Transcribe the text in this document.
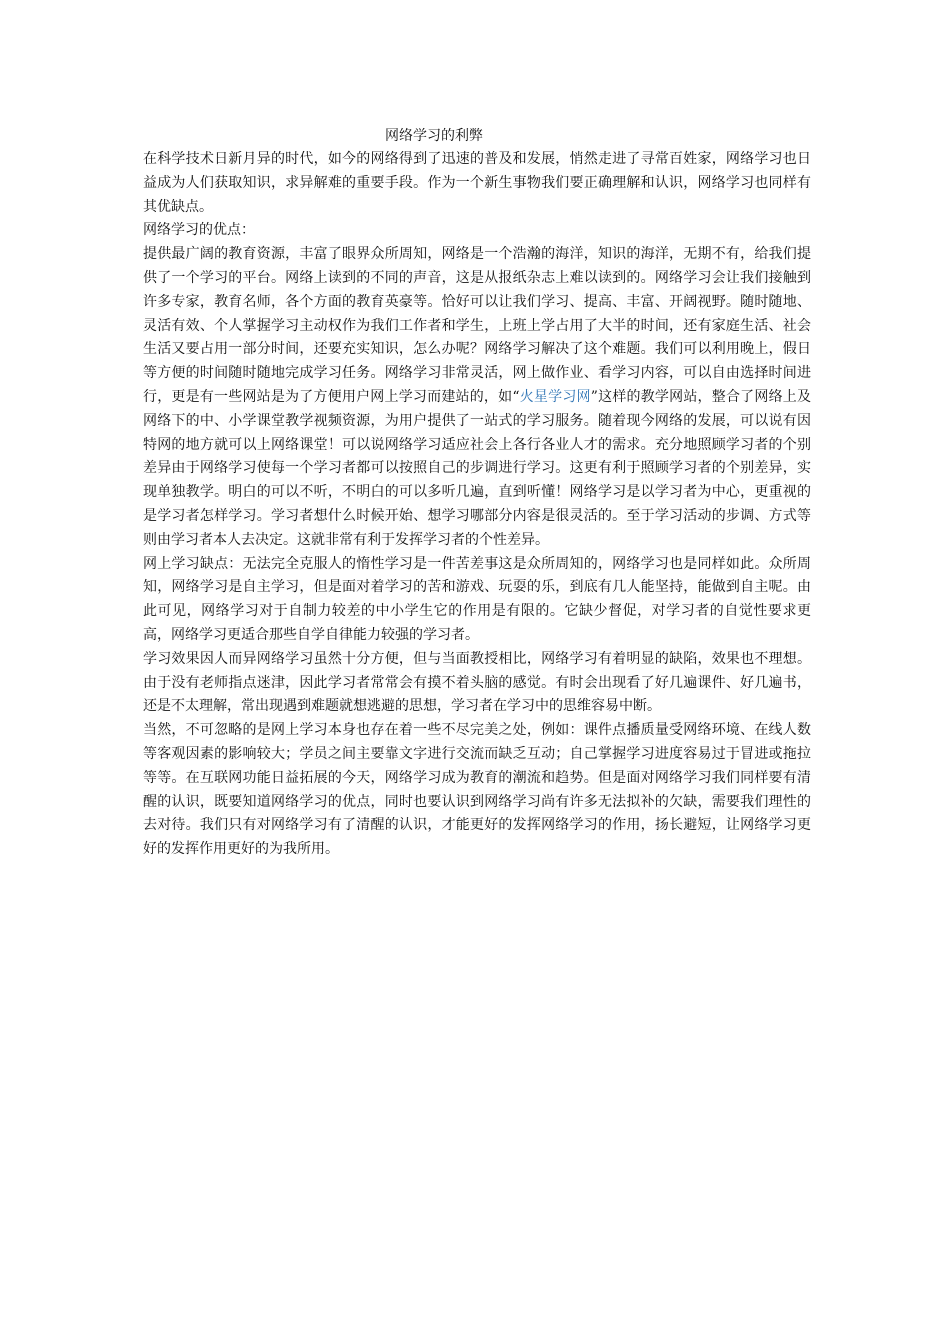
网络学习的利弊

在科学技术日新月异的时代，如今的网络得到了迅速的普及和发展，悄然走进了寻常百姓家，网络学习也日益成为人们获取知识，求异解难的重要手段。作为一个新生事物我们要正确理解和认识，网络学习也同样有其优缺点。

网络学习的优点：

提供最广阔的教育资源，丰富了眼界众所周知，网络是一个浩瀚的海洋，知识的海洋，无期不有，给我们提供了一个学习的平台。网络上读到的不同的声音，这是从报纸杂志上难以读到的。网络学习会让我们接触到许多专家，教育名师，各个方面的教育英豪等。恰好可以让我们学习、提高、丰富、开阔视野。随时随地、灵活有效、个人掌握学习主动权作为我们工作者和学生，上班上学占用了大半的时间，还有家庭生活、社会生活又要占用一部分时间，还要充实知识，怎么办呢？网络学习解决了这个难题。我们可以利用晚上，假日等方便的时间随时随地完成学习任务。网络学习非常灵活，网上做作业、看学习内容，可以自由选择时间进行，更是有一些网站是为了方便用户网上学习而建站的，如“火星学习网”这样的教学网站，整合了网络上及网络下的中、小学课堂教学视频资源，为用户提供了一站式的学习服务。随着现今网络的发展，可以说有因特网的地方就可以上网络课堂！可以说网络学习适应社会上各行各业人才的需求。充分地照顾学习者的个别差异由于网络学习使每一个学习者都可以按照自己的步调进行学习。这更有利于照顾学习者的个别差异，实现单独教学。明白的可以不听，不明白的可以多听几遍，直到听懂！网络学习是以学习者为中心，更重视的是学习者怎样学习。学习者想什么时候开始、想学习哪部分内容是很灵活的。至于学习活动的步调、方式等则由学习者本人去决定。这就非常有利于发挥学习者的个性差异。

网上学习缺点：无法完全克服人的惰性学习是一件苦差事这是众所周知的，网络学习也是同样如此。众所周知，网络学习是自主学习，但是面对着学习的苦和游戏、玩耍的乐，到底有几人能坚持，能做到自主呢。由此可见，网络学习对于自制力较差的中小学生它的作用是有限的。它缺少督促，对学习者的自觉性要求更高，网络学习更适合那些自学自律能力较强的学习者。

学习效果因人而异网络学习虽然十分方便，但与当面教授相比，网络学习有着明显的缺陷，效果也不理想。由于没有老师指点迷津，因此学习者常常会有摸不着头脑的感觉。有时会出现看了好几遍课件、好几遍书，还是不太理解，常出现遇到难题就想逃避的思想，学习者在学习中的思维容易中断。

当然，不可忽略的是网上学习本身也存在着一些不尽完美之处，例如：课件点播质量受网络环境、在线人数等客观因素的影响较大；学员之间主要靠文字进行交流而缺乏互动；自己掌握学习进度容易过于冒进或拖拉等等。在互联网功能日益拓展的今天，网络学习成为教育的潮流和趋势。但是面对网络学习我们同样要有清醒的认识，既要知道网络学习的优点，同时也要认识到网络学习尚有许多无法拟补的欠缺，需要我们理性的去对待。我们只有对网络学习有了清醒的认识，才能更好的发挥网络学习的作用，扬长避短，让网络学习更好的发挥作用更好的为我所用。
